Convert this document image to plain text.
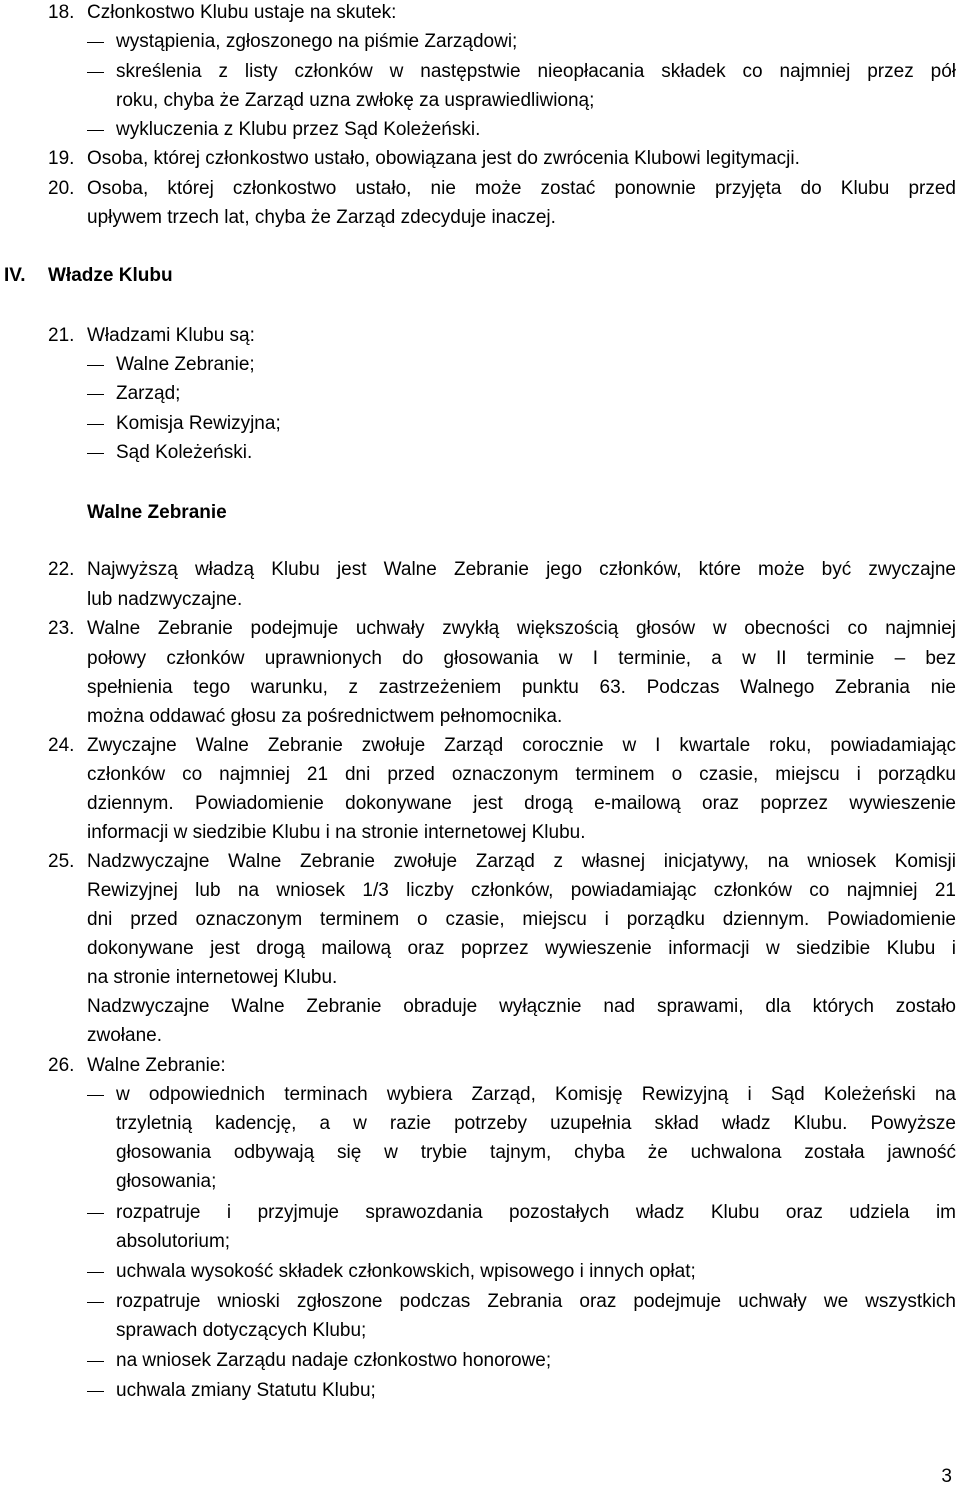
18. Członkostwo Klubu ustaje na skutek:
wystąpienia, zgłoszonego na piśmie Zarządowi;
skreślenia z listy członków w następstwie nieopłacania składek co najmniej przez pół
roku, chyba że Zarząd uzna zwłokę za usprawiedliwioną;
wykluczenia z Klubu przez Sąd Koleżeński.
19. Osoba, której członkostwo ustało, obowiązana jest do zwrócenia Klubowi legitymacji.
20. Osoba, której członkostwo ustało, nie może zostać ponownie przyjęta do Klubu przed
upływem trzech lat, chyba że Zarząd zdecyduje inaczej.
IV. Władze Klubu
21. Władzami Klubu są:
Walne Zebranie;
Zarząd;
Komisja Rewizyjna;
Sąd Koleżeński.
Walne Zebranie
22. Najwyższą władzą Klubu jest Walne Zebranie jego członków, które może być zwyczajne
lub nadzwyczajne.
23. Walne Zebranie podejmuje uchwały zwykłą większością głosów w obecności co najmniej
połowy członków uprawnionych do głosowania w I terminie, a w II terminie – bez
spełnienia tego warunku, z zastrzeżeniem punktu 63. Podczas Walnego Zebrania nie
można oddawać głosu za pośrednictwem pełnomocnika.
24. Zwyczajne Walne Zebranie zwołuje Zarząd corocznie w I kwartale roku, powiadamiając
członków co najmniej 21 dni przed oznaczonym terminem o czasie, miejscu i porządku
dziennym. Powiadomienie dokonywane jest drogą e-mailową oraz poprzez wywieszenie
informacji w siedzibie Klubu i na stronie internetowej Klubu.
25. Nadzwyczajne Walne Zebranie zwołuje Zarząd z własnej inicjatywy, na wniosek Komisji
Rewizyjnej lub na wniosek 1/3 liczby członków, powiadamiając członków co najmniej 21
dni przed oznaczonym terminem o czasie, miejscu i porządku dziennym. Powiadomienie
dokonywane jest drogą mailową oraz poprzez wywieszenie informacji w siedzibie Klubu i
na stronie internetowej Klubu.
Nadzwyczajne Walne Zebranie obraduje wyłącznie nad sprawami, dla których zostało
zwołane.
26. Walne Zebranie:
w odpowiednich terminach wybiera Zarząd, Komisję Rewizyjną i Sąd Koleżeński na
trzyletnią kadencję, a w razie potrzeby uzupełnia skład władz Klubu. Powyższe
głosowania odbywają się w trybie tajnym, chyba że uchwalona została jawność
głosowania;
rozpatruje i przyjmuje sprawozdania pozostałych władz Klubu oraz udziela im
absolutorium;
uchwala wysokość składek członkowskich, wpisowego i innych opłat;
rozpatruje wnioski zgłoszone podczas Zebrania oraz podejmuje uchwały we wszystkich
sprawach dotyczących Klubu;
na wniosek Zarządu nadaje członkostwo honorowe;
uchwala zmiany Statutu Klubu;
3
